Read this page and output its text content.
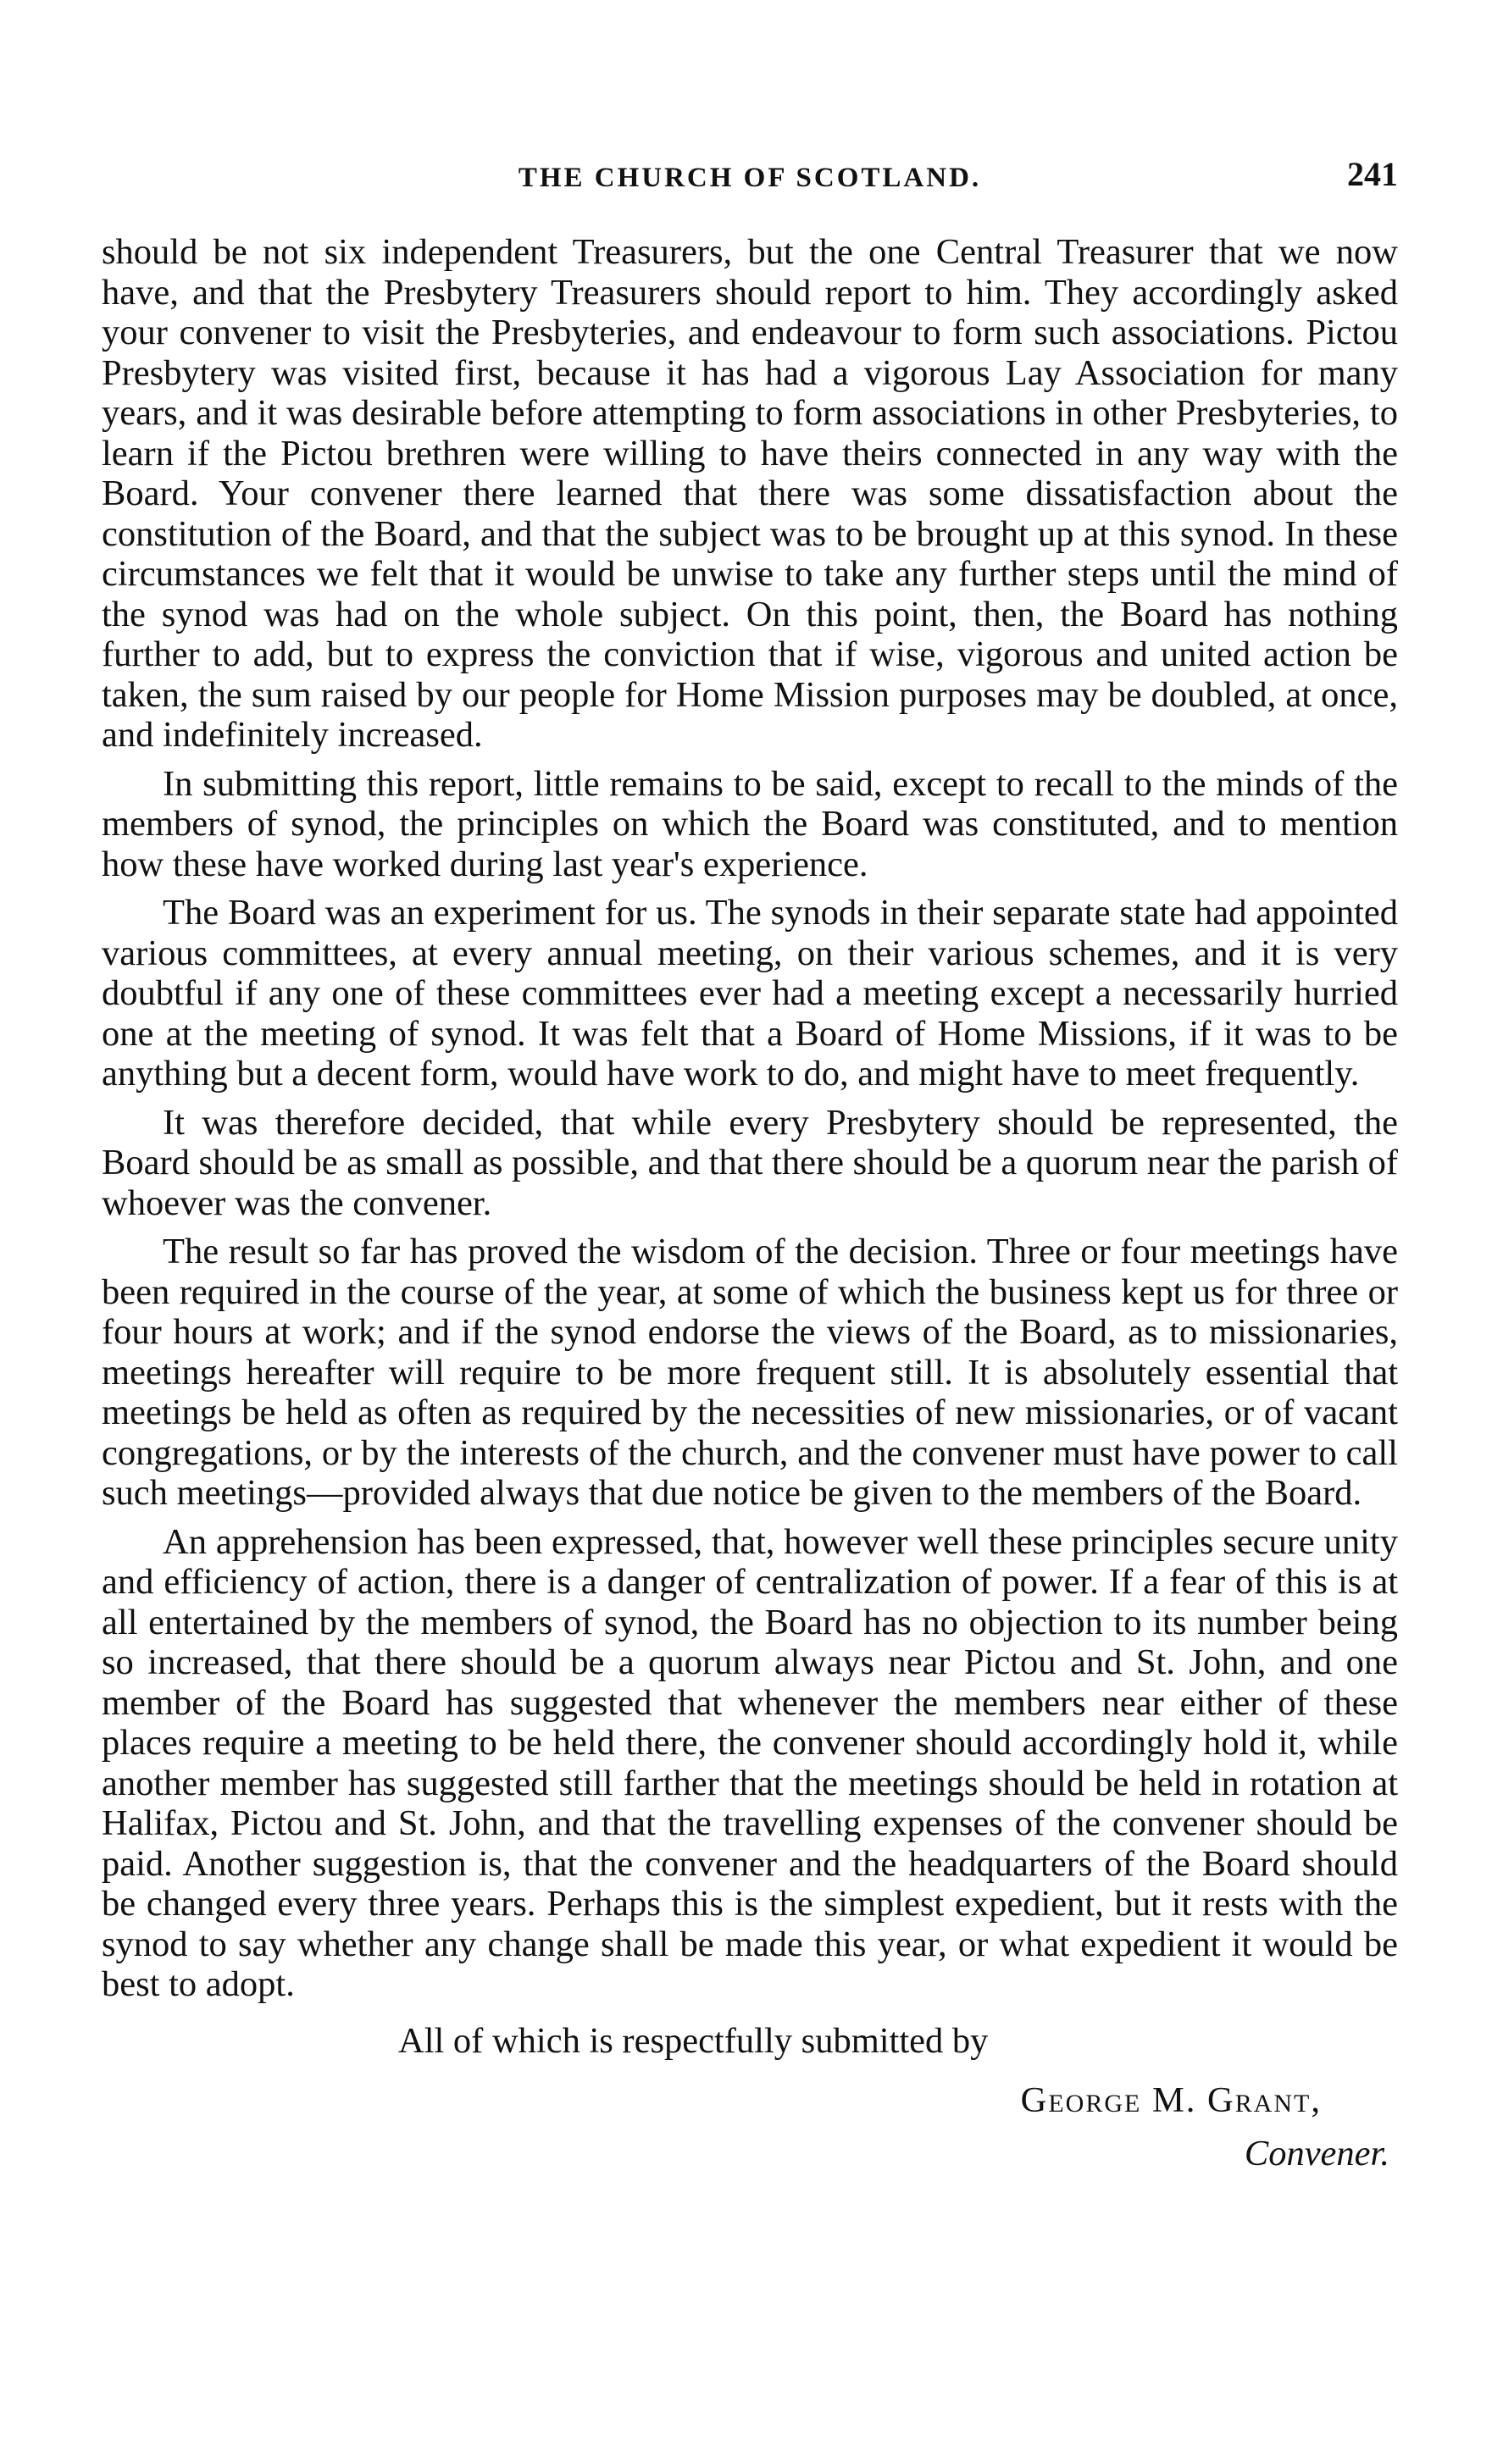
THE CHURCH OF SCOTLAND.	241

should be not six independent Treasurers, but the one Central Treasurer that we now have, and that the Presbytery Treasurers should report to him. They accordingly asked your convener to visit the Presbyteries, and endeavour to form such associations. Pictou Presbytery was visited first, because it has had a vigorous Lay Association for many years, and it was desirable before attempting to form associations in other Presbyteries, to learn if the Pictou brethren were willing to have theirs connected in any way with the Board. Your convener there learned that there was some dissatisfaction about the constitution of the Board, and that the subject was to be brought up at this synod. In these circumstances we felt that it would be unwise to take any further steps until the mind of the synod was had on the whole subject. On this point, then, the Board has nothing further to add, but to express the conviction that if wise, vigorous and united action be taken, the sum raised by our people for Home Mission purposes may be doubled, at once, and indefinitely increased.

In submitting this report, little remains to be said, except to recall to the minds of the members of synod, the principles on which the Board was constituted, and to mention how these have worked during last year's experience.

The Board was an experiment for us. The synods in their separate state had appointed various committees, at every annual meeting, on their various schemes, and it is very doubtful if any one of these committees ever had a meeting except a necessarily hurried one at the meeting of synod. It was felt that a Board of Home Missions, if it was to be anything but a decent form, would have work to do, and might have to meet frequently.

It was therefore decided, that while every Presbytery should be represented, the Board should be as small as possible, and that there should be a quorum near the parish of whoever was the convener.

The result so far has proved the wisdom of the decision. Three or four meetings have been required in the course of the year, at some of which the business kept us for three or four hours at work; and if the synod endorse the views of the Board, as to missionaries, meetings hereafter will require to be more frequent still. It is absolutely essential that meetings be held as often as required by the necessities of new missionaries, or of vacant congregations, or by the interests of the church, and the convener must have power to call such meetings—provided always that due notice be given to the members of the Board.

An apprehension has been expressed, that, however well these principles secure unity and efficiency of action, there is a danger of centralization of power. If a fear of this is at all entertained by the members of synod, the Board has no objection to its number being so increased, that there should be a quorum always near Pictou and St. John, and one member of the Board has suggested that whenever the members near either of these places require a meeting to be held there, the convener should accordingly hold it, while another member has suggested still farther that the meetings should be held in rotation at Halifax, Pictou and St. John, and that the travelling expenses of the convener should be paid. Another suggestion is, that the convener and the headquarters of the Board should be changed every three years. Perhaps this is the simplest expedient, but it rests with the synod to say whether any change shall be made this year, or what expedient it would be best to adopt.

All of which is respectfully submitted by
George M. Grant,
Convener.
